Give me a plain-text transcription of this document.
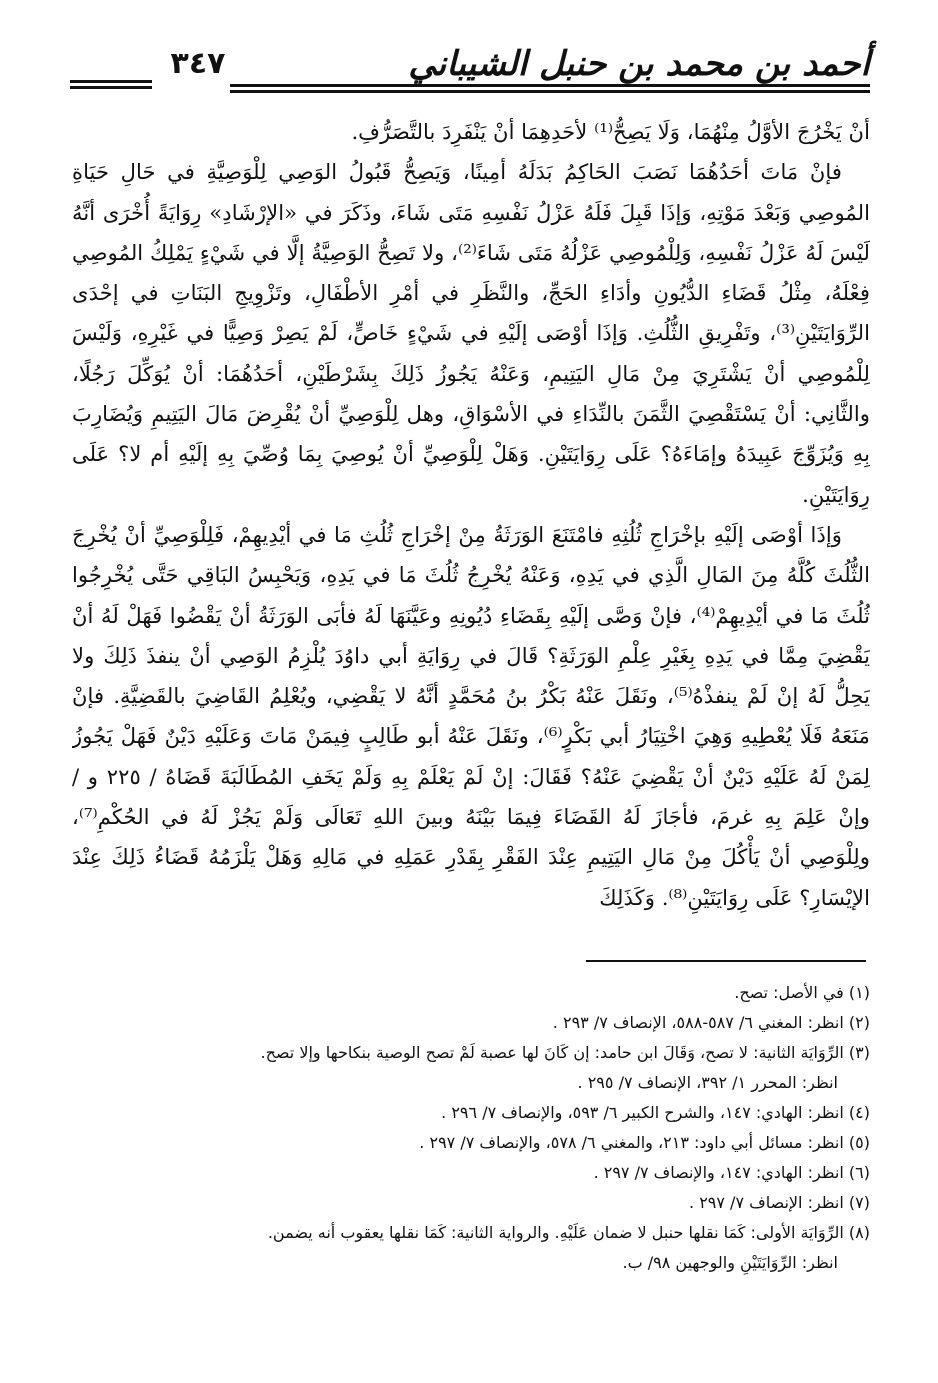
أحمد بن محمد بن حنبل الشيباني
٣٤٧

أنْ يَخْرُجَ الأوَّلُ مِنْهُمَا، وَلَا يَصِحُّ⁽¹⁾ لأحَدِهِمَا أنْ يَنْفَرِدَ بالتَّصَرُّفِ.

فإنْ مَاتَ أحَدُهُمَا نَصَبَ الحَاكِمُ بَدَلَهُ أمِينًا، وَيَصِحُّ قَبُولُ الوَصِي لِلْوَصِيَّةِ في حَالِ حَيَاةِ المُوصِي وَبَعْدَ مَوْتِهِ، وَإذَا قَبِلَ فَلَهُ عَزْلُ نَفْسِهِ مَتَى شَاءَ، وذَكَرَ في «الإرْشَادِ» رِوَايَةً أُخْرَى أنَّهُ لَيْسَ لَهُ عَزْلُ نَفْسِهِ، وَلِلْمُوصِي عَزْلُهُ مَتَى شَاءَ⁽²⁾، ولا تَصِحُّ الوَصِيَّةُ إلَّا في شَيْءٍ يَمْلِكُ المُوصِي فِعْلَهُ، مِثْلُ قَضَاءِ الدُّيُونِ وأدَاءِ الحَجِّ، والنَّظَرِ في أمْرِ الأطْفَالِ، وتَزْوِيجِ البَنَاتِ في إحْدَى الرِّوَايَتَيْنِ⁽³⁾، وتَفْرِيقِ الثُّلُثِ. وَإذَا أوْصَى إلَيْهِ في شَيْءٍ خَاصٍّ، لَمْ يَصِرْ وَصِيًّا في غَيْرِهِ، وَلَيْسَ لِلْمُوصِي أنْ يَشْتَرِيَ مِنْ مَالِ اليَتِيمِ، وَعَنْهُ يَجُوزُ ذَلِكَ بِشَرْطَيْنِ، أحَدُهُمَا: أنْ يُوَكِّلَ رَجُلًا، والثَّانِي: أنْ يَسْتَقْصِيَ الثَّمَنَ بالنِّدَاءِ في الأسْوَاقِ، وهل لِلْوَصِيِّ أنْ يُقْرِضَ مَالَ اليَتِيمِ وَيُضَارِبَ بِهِ وَيُزَوِّجَ عَبِيدَهُ وإمَاءَهُ؟ عَلَى رِوَايَتَيْنِ. وَهَلْ لِلْوَصِيِّ أنْ يُوصِيَ بِمَا وُصِّيَ بِهِ إلَيْهِ أم لا؟ عَلَى رِوَايَتَيْنِ.

وَإذَا أوْصَى إلَيْهِ بإخْرَاجِ ثُلُثِهِ فامْتَنَعَ الوَرَثَةُ مِنْ إخْرَاجِ ثُلُثِ مَا في أيْدِيهِمْ، فَلِلْوَصِيِّ أنْ يُخْرِجَ الثُّلُثَ كُلَّهُ مِنَ المَالِ الَّذِي في يَدِهِ، وَعَنْهُ يُخْرِجُ ثُلُثَ مَا في يَدِهِ، وَيَحْبِسُ البَاقِي حَتَّى يُخْرِجُوا ثُلُثَ مَا في أيْدِيهِمْ⁽⁴⁾، فإنْ وَصَّى إلَيْهِ بِقَضَاءِ دُيُونِهِ وعَيَّنَهَا لَهُ فأبَى الوَرَثَةُ أنْ يَقْضُوا فَهَلْ لَهُ أنْ يَقْضِيَ مِمَّا في يَدِهِ بِغَيْرِ عِلْمِ الوَرَثَةِ؟ قَالَ في رِوَايَةِ أبي داوُدَ يُلْزِمُ الوَصِي أنْ ينفذَ ذَلِكَ ولا يَحِلُّ لَهُ إنْ لَمْ ينفذْهُ⁽⁵⁾، ونَقَلَ عَنْهُ بَكْرُ بنُ مُحَمَّدٍ أنَّهُ لا يَقْضِي، ويُعْلِمُ القَاضِيَ بالقَضِيَّةِ. فإنْ مَنَعَهُ فَلَا يُعْطِيهِ وَهِيَ اخْتِيَارُ أبي بَكْرٍ⁽⁶⁾، ونَقَلَ عَنْهُ أبو طَالِبٍ فِيمَنْ مَاتَ وَعَلَيْهِ دَيْنٌ فَهَلْ يَجُوزُ لِمَنْ لَهُ عَلَيْهِ دَيْنٌ أنْ يَقْضِيَ عَنْهُ؟ فَقَالَ: إنْ لَمْ يَعْلَمْ بِهِ وَلَمْ يَخَفِ المُطَالَبَةَ قَضَاهُ / ٢٢٥ و / وإنْ عَلِمَ بِهِ غرمَ، فأجَازَ لَهُ القَضَاءَ فِيمَا بَيْنَهُ وبينَ اللهِ تَعَالَى وَلَمْ يَجُزْ لَهُ في الحُكْمِ⁽⁷⁾، ولِلْوَصِي أنْ يَأْكُلَ مِنْ مَالِ اليَتِيمِ عِنْدَ الفَقْرِ بِقَدْرِ عَمَلِهِ في مَالِهِ وَهَلْ يَلْزَمُهُ قَضَاءُ ذَلِكَ عِنْدَ الإيْسَارِ؟ عَلَى رِوَايَتَيْنِ⁽⁸⁾. وَكَذَلِكَ

(١) في الأصل: تصح.

(٢) انظر: المغني ٦/ ٥٨٧-٥٨٨، الإنصاف ٧/ ٢٩٣ .

(٣) الرِّوَايَة الثانية: لا تصح، وَقَالَ ابن حامد: إن كَانَ لها عصبة لَمْ تصح الوصية بنكاحها وإلا تصح.

انظر: المحرر ١/ ٣٩٢، الإنصاف ٧/ ٢٩٥ .

(٤) انظر: الهادي: ١٤٧، والشرح الكبير ٦/ ٥٩٣، والإنصاف ٧/ ٢٩٦ .

(٥) انظر: مسائل أبي داود: ٢١٣، والمغني ٦/ ٥٧٨، والإنصاف ٧/ ٢٩٧ .

(٦) انظر: الهادي: ١٤٧، والإنصاف ٧/ ٢٩٧ .

(٧) انظر: الإنصاف ٧/ ٢٩٧ .

(٨) الرِّوَايَة الأولى: كَمَا نقلها حنبل لا ضمان عَلَيْهِ. والرواية الثانية: كَمَا نقلها يعقوب أنه يضمن.

انظر: الرِّوَايَتَيْنِ والوجهين ٩٨/ ب.
